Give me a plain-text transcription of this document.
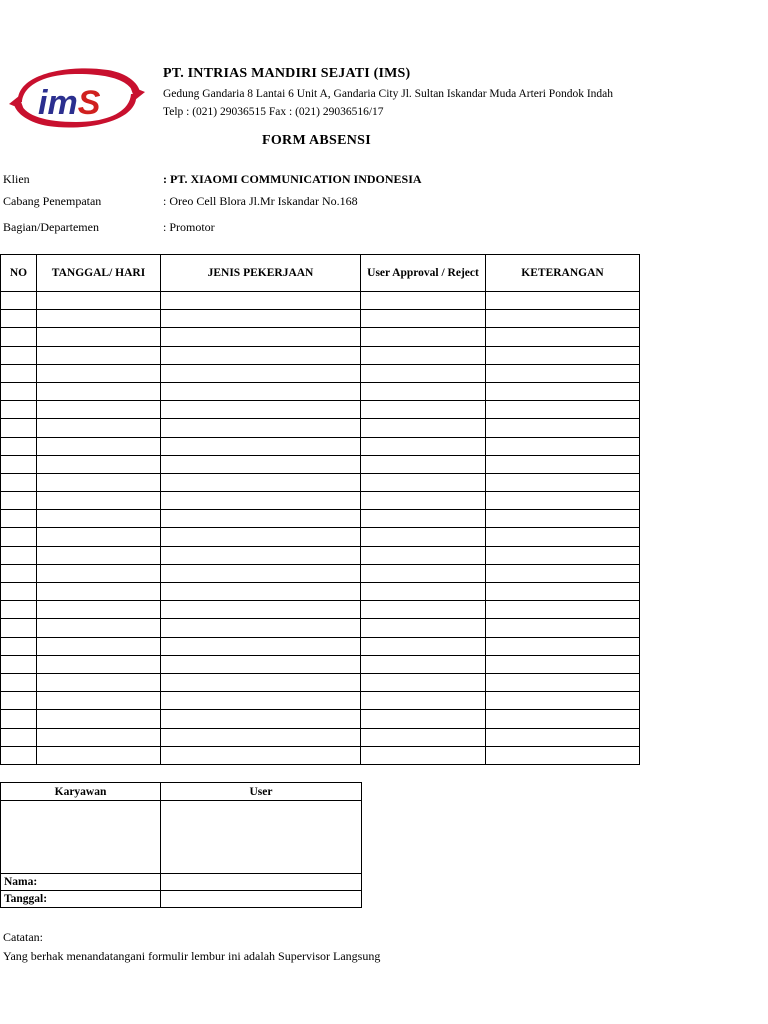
imS
PT. INTRIAS MANDIRI SEJATI (IMS)
Gedung Gandaria 8 Lantai 6 Unit A, Gandaria City Jl. Sultan Iskandar Muda Arteri Pondok Indah
Telp : (021) 29036515 Fax : (021) 29036516/17
FORM ABSENSI
Klien	: PT. XIAOMI COMMUNICATION INDONESIA
Cabang Penempatan	: Oreo Cell Blora Jl.Mr Iskandar No.168
Bagian/Departemen	: Promotor
NO	TANGGAL/ HARI	JENIS PEKERJAAN	User Approval / Reject	KETERANGAN

Karyawan	User

Nama:	
Tanggal:	
Catatan:
Yang berhak menandatangani formulir lembur ini adalah Supervisor Langsung
